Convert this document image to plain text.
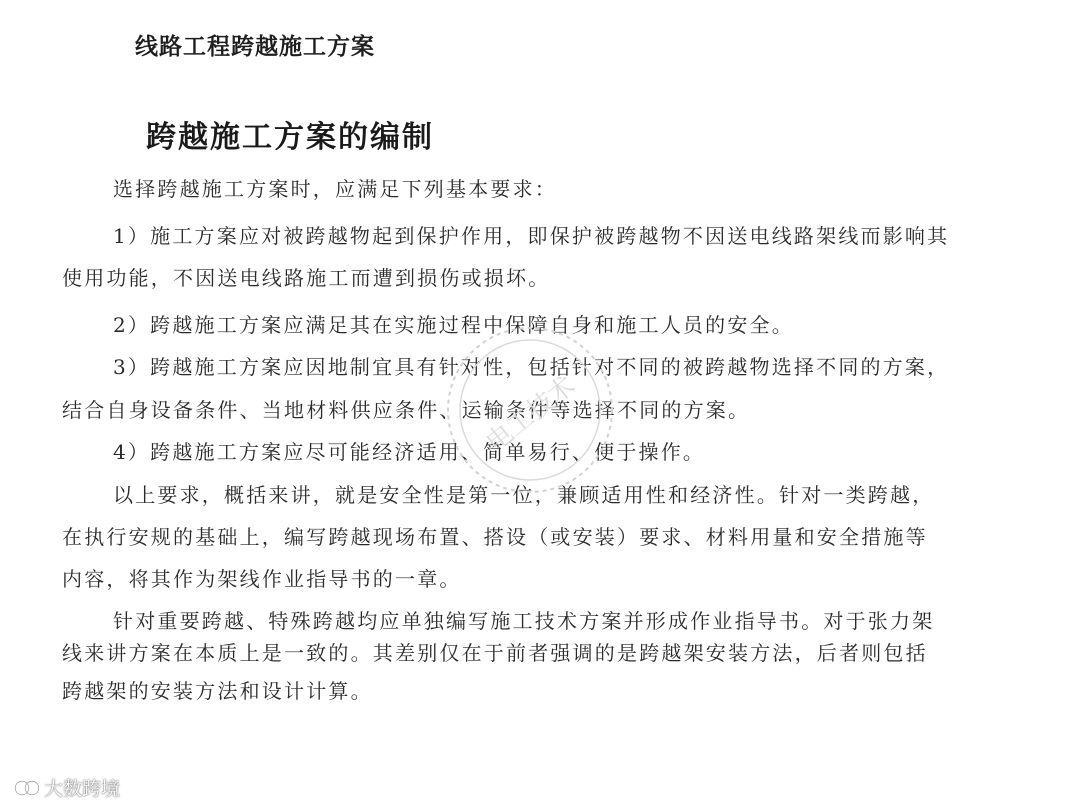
线路工程跨越施工方案
跨越施工方案的编制
选择跨越施工方案时，应满足下列基本要求：
1）施工方案应对被跨越物起到保护作用，即保护被跨越物不因送电线路架线而影响其
使用功能，不因送电线路施工而遭到损伤或损坏。
2）跨越施工方案应满足其在实施过程中保障自身和施工人员的安全。
3）跨越施工方案应因地制宜具有针对性，包括针对不同的被跨越物选择不同的方案，
结合自身设备条件、当地材料供应条件、运输条件等选择不同的方案。
4）跨越施工方案应尽可能经济适用、简单易行、便于操作。
以上要求，概括来讲，就是安全性是第一位，兼顾适用性和经济性。针对一类跨越，
在执行安规的基础上，编写跨越现场布置、搭设（或安装）要求、材料用量和安全措施等
内容，将其作为架线作业指导书的一章。
针对重要跨越、特殊跨越均应单独编写施工技术方案并形成作业指导书。对于张力架
线来讲方案在本质上是一致的。其差别仅在于前者强调的是跨越架安装方法，后者则包括
跨越架的安装方法和设计计算。
电工技术
大数跨境
